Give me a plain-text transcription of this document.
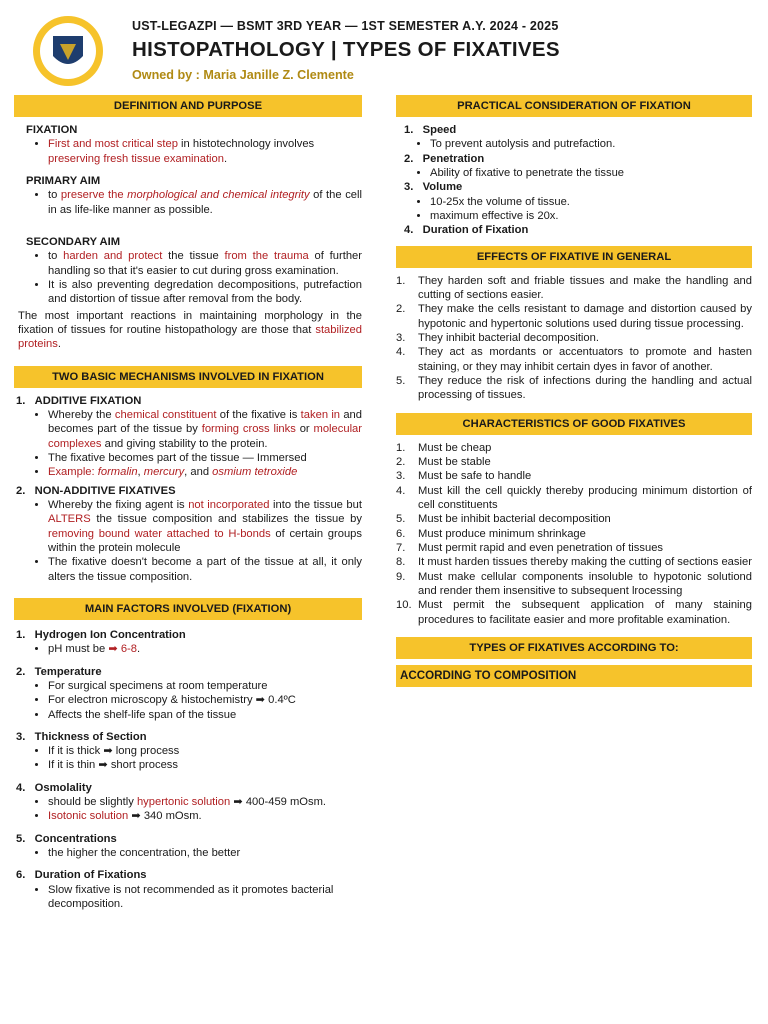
UST-LEGAZPI — BSMT 3RD YEAR — 1ST SEMESTER A.Y. 2024 - 2025
HISTOPATHOLOGY | TYPES OF FIXATIVES
Owned by : Maria Janille Z. Clemente
DEFINITION AND PURPOSE
FIXATION
• First and most critical step in histotechnology involves preserving fresh tissue examination.
PRIMARY AIM
• to preserve the morphological and chemical integrity of the cell in as life-like manner as possible.
SECONDARY AIM
• to harden and protect the tissue from the trauma of further handling so that it's easier to cut during gross examination.
• It is also preventing degredation decompositions, putrefaction and distortion of tissue after removal from the body.

The most important reactions in maintaining morphology in the fixation of tissues for routine histopathology are those that stabilized proteins.

TWO BASIC MECHANISMS INVOLVED IN FIXATION
1.   ADDITIVE FIXATION
• Whereby the chemical constituent of the fixative is taken in and becomes part of the tissue by forming cross links or molecular complexes and giving stability to the protein.
• The fixative becomes part of the tissue — Immersed
• Example: formalin, mercury, and osmium tetroxide
2.   NON-ADDITIVE FIXATIVES
• Whereby the fixing agent is not incorporated into the tissue but ALTERS the tissue composition and stabilizes the tissue by removing bound water attached to H-bonds of certain groups within the protein molecule
• The fixative doesn't become a part of the tissue at all, it only alters the tissue composition.
MAIN FACTORS INVOLVED (FIXATION)
1.   Hydrogen Ion Concentration
• pH must be ➡ 6-8.
2.   Temperature
• For surgical specimens at room temperature
• For electron microscopy & histochemistry ➡ 0.4ºC
• Affects the shelf-life span of the tissue
3.   Thickness of Section
• If it is thick ➡ long process
• If it is thin ➡ short process
4.   Osmolality
• should be slightly hypertonic solution ➡ 400-459 mOsm.
• Isotonic solution ➡ 340 mOsm.
5.   Concentrations
• the higher the concentration, the better
6.   Duration of Fixations
• Slow fixative is not recommended as it promotes bacterial decomposition.
PRACTICAL CONSIDERATION OF FIXATION
1.   Speed
• To prevent autolysis and putrefaction.
2.   Penetration
• Ability of fixative to penetrate the tissue
3.   Volume
• 10-25x the volume of tissue.
• maximum effective is 20x.
4.   Duration of Fixation
EFFECTS OF FIXATIVE IN GENERAL
1.	They harden soft and friable tissues and make the handling and cutting of sections easier.
2.	They make the cells resistant to damage and distortion caused by hypotonic and hypertonic solutions used during tissue processing.
3.	They inhibit bacterial decomposition.
4.	They act as mordants or accentuators to promote and hasten staining, or they may inhibit certain dyes in favor of another.
5.	They reduce the risk of infections during the handling and actual processing of tissues.
CHARACTERISTICS OF GOOD FIXATIVES
1.	Must be cheap
2.	Must be stable
3.	Must be safe to handle
4.	Must kill the cell quickly thereby producing minimum distortion of cell constituents
5.	Must be inhibit bacterial decomposition
6.	Must produce minimum shrinkage
7.	Must permit rapid and even penetration of tissues
8.	It must harden tissues thereby making the cutting of sections easier
9.	Must make cellular components insoluble to hypotonic solutiond and render them insensitive to subsequent lrocessing
10. Must permit the subsequent application of many staining procedures to facilitate easier and more profitable examination.
TYPES OF FIXATIVES ACCORDING TO:
ACCORDING TO COMPOSITION
